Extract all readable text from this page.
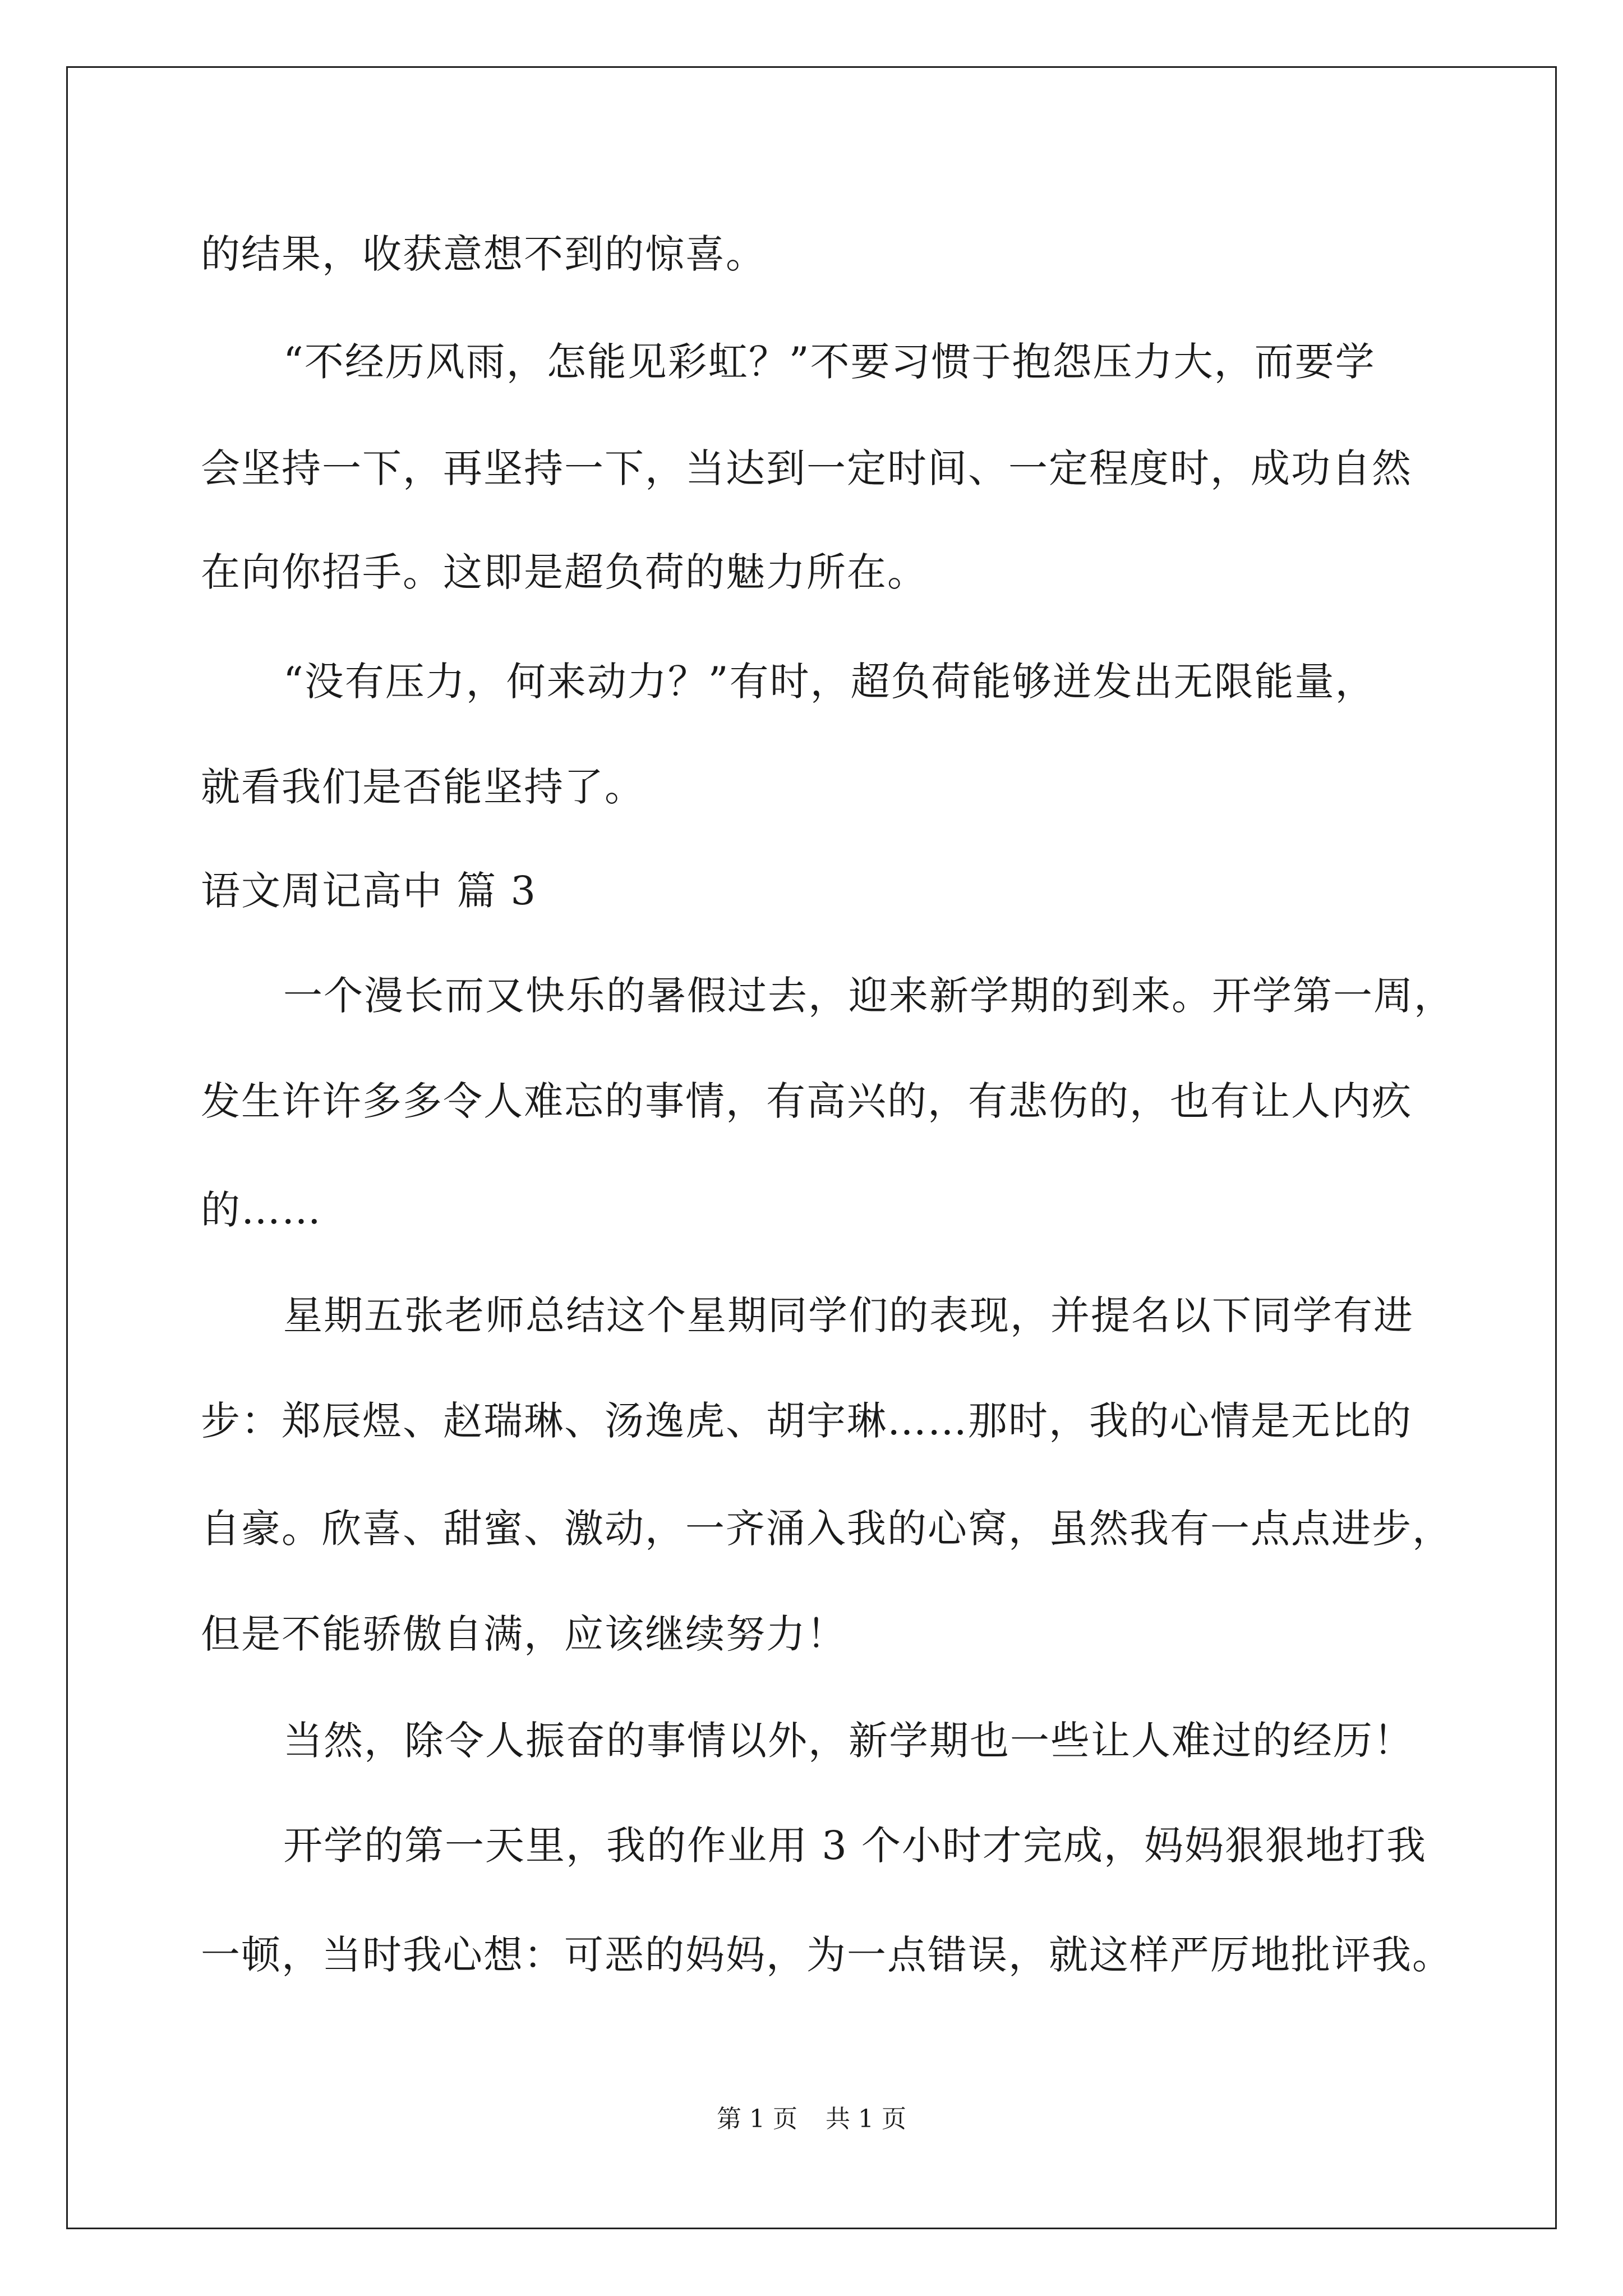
的结果，收获意想不到的惊喜。
“不经历风雨，怎能见彩虹？”不要习惯于抱怨压力大，而要学
会坚持一下，再坚持一下，当达到一定时间、一定程度时，成功自然
在向你招手。这即是超负荷的魅力所在。
“没有压力，何来动力？”有时，超负荷能够迸发出无限能量，
就看我们是否能坚持了。
语文周记高中 篇 3
一个漫长而又快乐的暑假过去，迎来新学期的到来。开学第一周，
发生许许多多令人难忘的事情，有高兴的，有悲伤的，也有让人内疚
的……
星期五张老师总结这个星期同学们的表现，并提名以下同学有进
步：郑辰煜、赵瑞琳、汤逸虎、胡宇琳……那时，我的心情是无比的
自豪。欣喜、甜蜜、激动，一齐涌入我的心窝，虽然我有一点点进步，
但是不能骄傲自满，应该继续努力！
当然，除令人振奋的事情以外，新学期也一些让人难过的经历！
开学的第一天里，我的作业用 3 个小时才完成，妈妈狠狠地打我
一顿，当时我心想：可恶的妈妈，为一点错误，就这样严厉地批评我。
第 1 页 共 1 页
